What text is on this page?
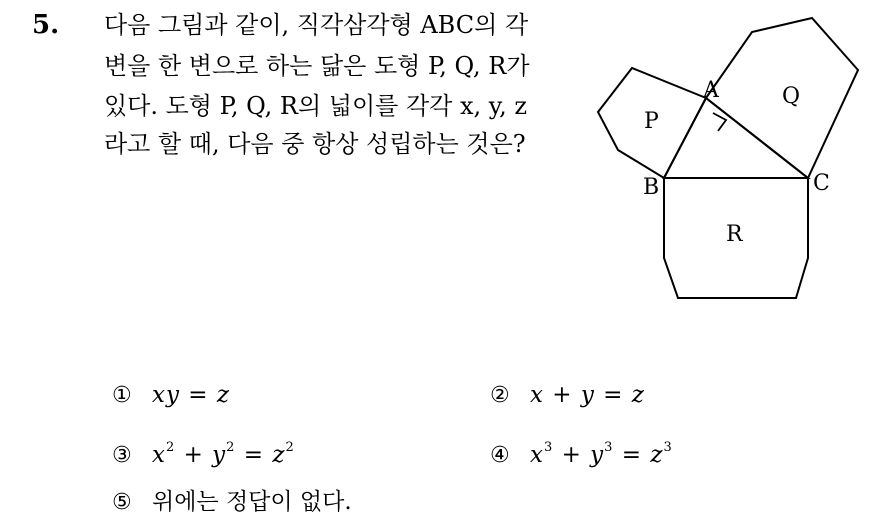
5. 다음 그림과 같이, 직각삼각형 ABC의 각
변을 한 변으로 하는 닮은 도형 P, Q, R가
있다. 도형 P, Q, R의 넓이를 각각 x, y, z
라고 할 때, 다음 중 항상 성립하는 것은?
A
B	C
P
Q
R
① xy = z	② x + y = z
③ $x^2 + y^2 = z^2$	④ $x^3 + y^3 = z^3$
⑤ 위에는 정답이 없다.
